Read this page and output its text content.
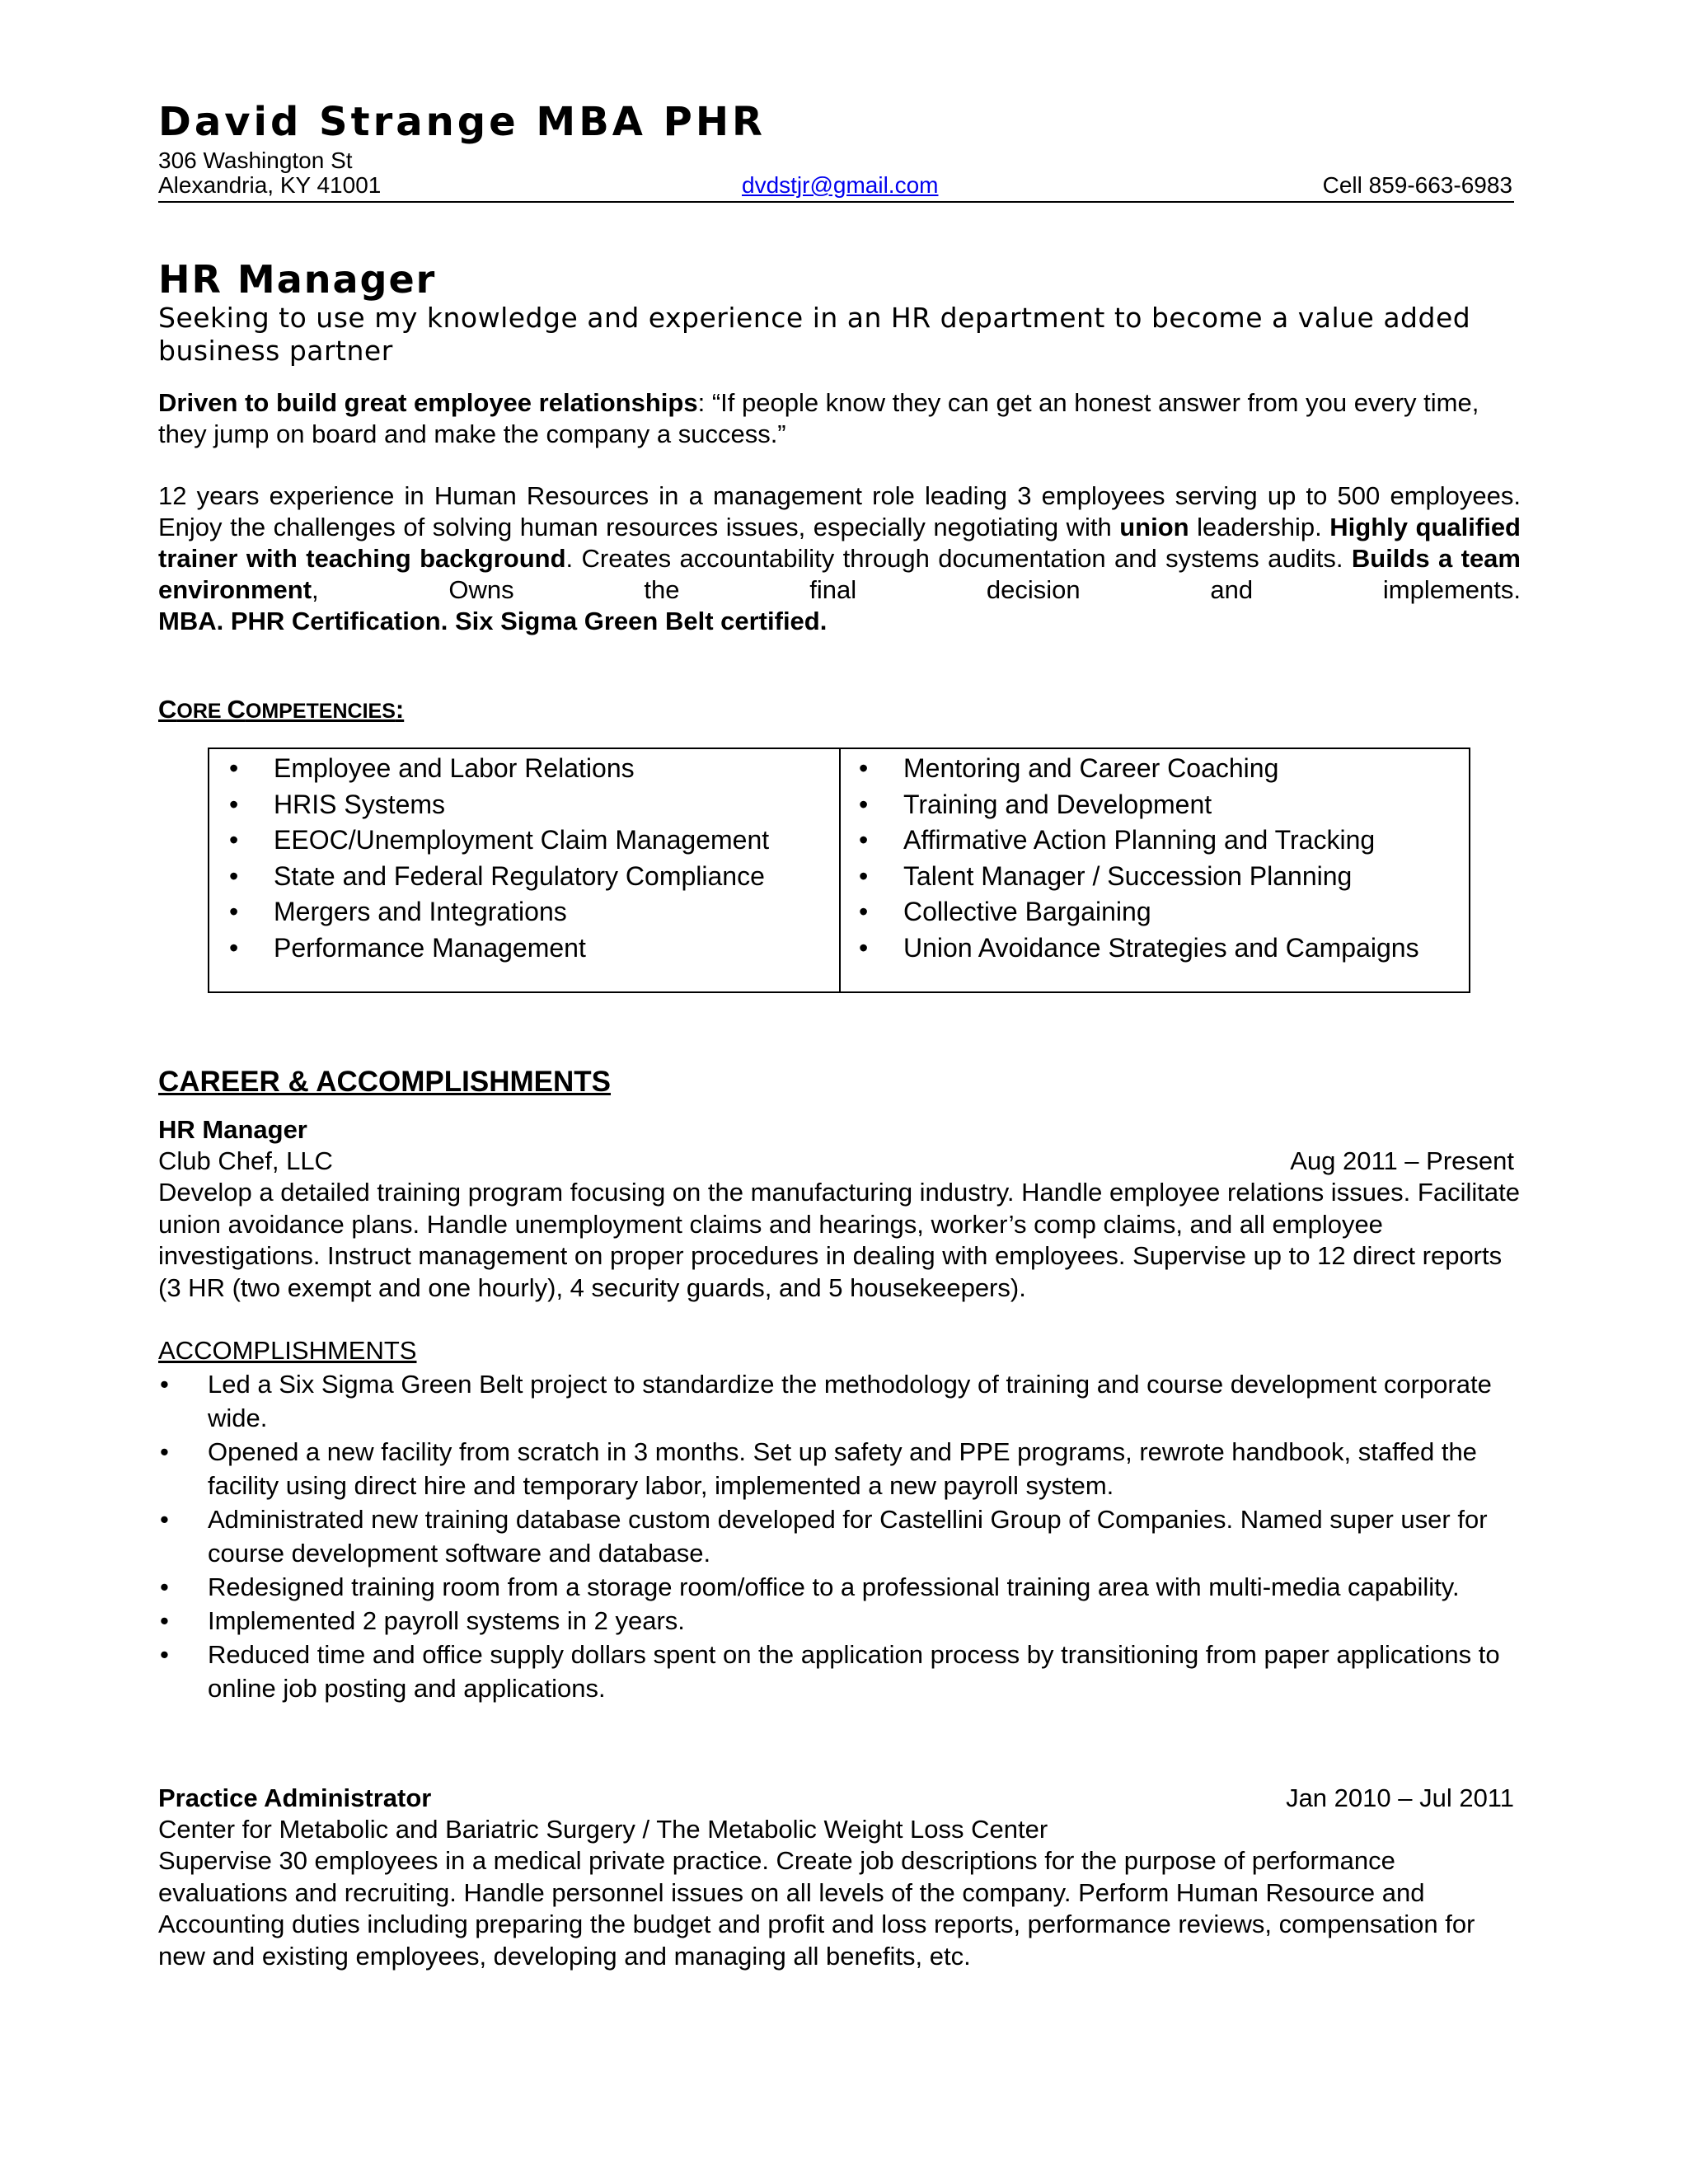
David Strange MBA PHR
306 Washington St
Alexandria, KY 41001	dvdstjr@gmail.com	Cell 859-663-6983
HR Manager
Seeking to use my knowledge and experience in an HR department to become a value added business partner
Driven to build great employee relationships: “If people know they can get an honest answer from you every time, they jump on board and make the company a success.”
12 years experience in Human Resources in a management role leading 3 employees serving up to 500 employees. Enjoy the challenges of solving human resources issues, especially negotiating with union leadership. Highly qualified trainer with teaching background. Creates accountability through documentation and systems audits. Builds a team environment, Owns the final decision and implements.
MBA. PHR Certification. Six Sigma Green Belt certified.
CORE COMPETENCIES:
• Employee and Labor Relations
• HRIS Systems
• EEOC/Unemployment Claim Management
• State and Federal Regulatory Compliance
• Mergers and Integrations
• Performance Management
• Mentoring and Career Coaching
• Training and Development
• Affirmative Action Planning and Tracking
• Talent Manager / Succession Planning
• Collective Bargaining
• Union Avoidance Strategies and Campaigns
CAREER & ACCOMPLISHMENTS
HR Manager
Club Chef, LLC	Aug 2011 – Present
Develop a detailed training program focusing on the manufacturing industry. Handle employee relations issues. Facilitate union avoidance plans. Handle unemployment claims and hearings, worker’s comp claims, and all employee investigations. Instruct management on proper procedures in dealing with employees. Supervise up to 12 direct reports (3 HR (two exempt and one hourly), 4 security guards, and 5 housekeepers).
ACCOMPLISHMENTS
• Led a Six Sigma Green Belt project to standardize the methodology of training and course development corporate wide.
• Opened a new facility from scratch in 3 months. Set up safety and PPE programs, rewrote handbook, staffed the facility using direct hire and temporary labor, implemented a new payroll system.
• Administrated new training database custom developed for Castellini Group of Companies. Named super user for course development software and database.
• Redesigned training room from a storage room/office to a professional training area with multi-media capability.
• Implemented 2 payroll systems in 2 years.
• Reduced time and office supply dollars spent on the application process by transitioning from paper applications to online job posting and applications.
Practice Administrator	Jan 2010 – Jul 2011
Center for Metabolic and Bariatric Surgery / The Metabolic Weight Loss Center
Supervise 30 employees in a medical private practice. Create job descriptions for the purpose of performance evaluations and recruiting. Handle personnel issues on all levels of the company. Perform Human Resource and Accounting duties including preparing the budget and profit and loss reports, performance reviews, compensation for new and existing employees, developing and managing all benefits, etc.
